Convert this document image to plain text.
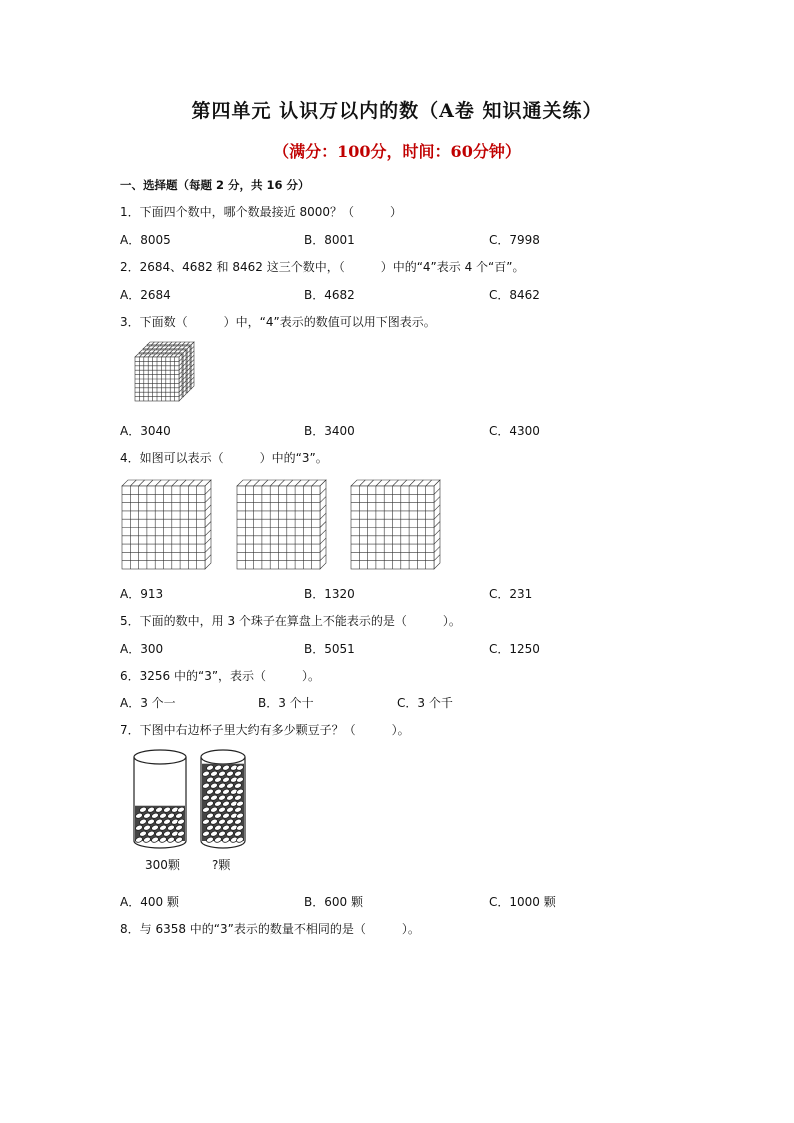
第四单元 认识万以内的数（A卷 知识通关练）
（满分：100分，时间：60分钟）
一、选择题（每题 2 分，共 16 分）
1．下面四个数中，哪个数最接近 8000？（　　　）
A．8005	B．8001	C．7998
2．2684、4682 和 8462 这三个数中，（　　　）中的“4”表示 4 个“百”。
A．2684	B．4682	C．8462
3．下面数（　　　）中，“4”表示的数值可以用下图表示。
A．3040	B．3400	C．4300
4．如图可以表示（　　　）中的“3”。
A．913	B．1320	C．231
5．下面的数中，用 3 个珠子在算盘上不能表示的是（　　　）。
A．300	B．5051	C．1250
6．3256 中的“3”，表示（　　　）。
A．3 个一	B．3 个十	C．3 个千
7．下图中右边杯子里大约有多少颗豆子？（　　　）。
300颗	?颗
A．400 颗	B．600 颗	C．1000 颗
8．与 6358 中的“3”表示的数量不相同的是（　　　）。
